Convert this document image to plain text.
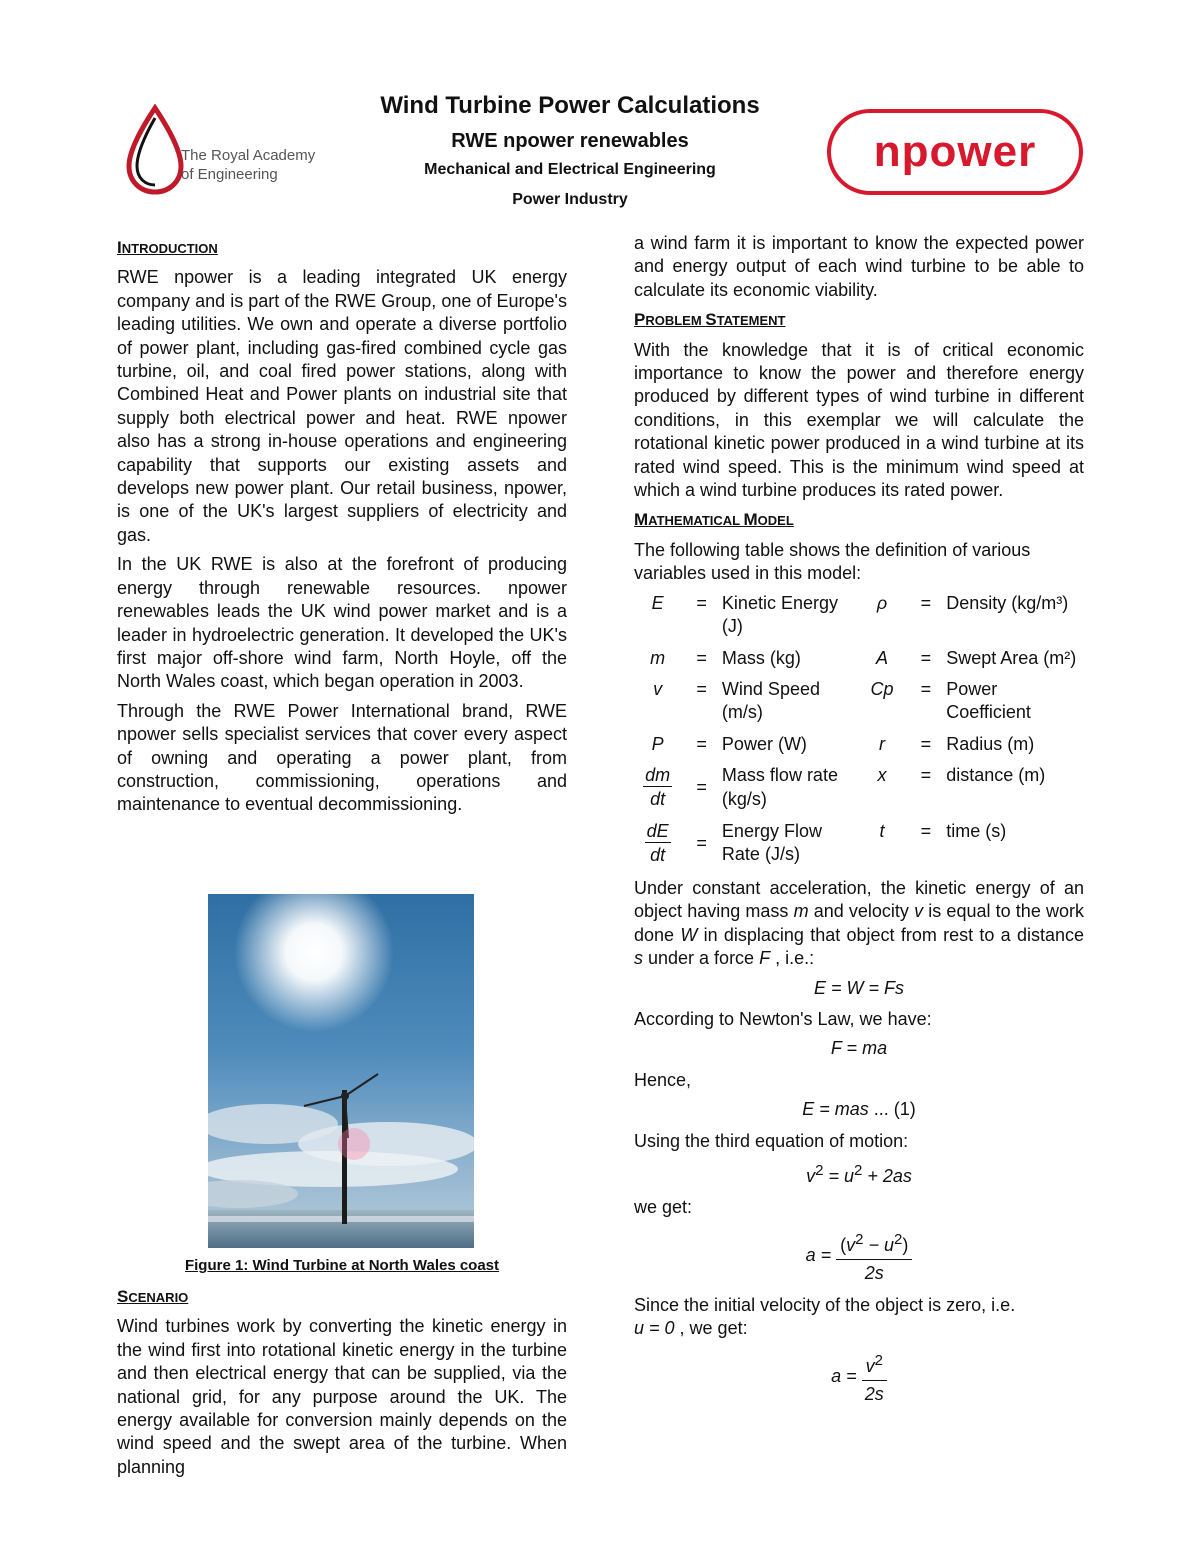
The Royal Academy
of Engineering	npower
Wind Turbine Power Calculations
RWE npower renewables
Mechanical and Electrical Engineering
Power Industry
INTRODUCTION

RWE npower is a leading integrated UK energy company and is part of the RWE Group, one of Europe's leading utilities. We own and operate a diverse portfolio of power plant, including gas-fired combined cycle gas turbine, oil, and coal fired power stations, along with Combined Heat and Power plants on industrial site that supply both electrical power and heat. RWE npower also has a strong in-house operations and engineering capability that supports our existing assets and develops new power plant. Our retail business, npower, is one of the UK's largest suppliers of electricity and gas.

In the UK RWE is also at the forefront of producing energy through renewable resources. npower renewables leads the UK wind power market and is a leader in hydroelectric generation. It developed the UK's first major off-shore wind farm, North Hoyle, off the North Wales coast, which began operation in 2003.

Through the RWE Power International brand, RWE npower sells specialist services that cover every aspect of owning and operating a power plant, from construction, commissioning, operations and maintenance to eventual decommissioning.

Figure 1: Wind Turbine at North Wales coast
SCENARIO

Wind turbines work by converting the kinetic energy in the wind first into rotational kinetic energy in the turbine and then electrical energy that can be supplied, via the national grid, for any purpose around the UK. The energy available for conversion mainly depends on the wind speed and the swept area of the turbine. When planning

a wind farm it is important to know the expected power and energy output of each wind turbine to be able to calculate its economic viability.

PROBLEM STATEMENT

With the knowledge that it is of critical economic importance to know the power and therefore energy produced by different types of wind turbine in different conditions, in this exemplar we will calculate the rotational kinetic power produced in a wind turbine at its rated wind speed. This is the minimum wind speed at which a wind turbine produces its rated power.

MATHEMATICAL MODEL

The following table shows the definition of various variables used in this model:

E	=	Kinetic Energy (J)	ρ	=	Density (kg/m³)
m	=	Mass (kg)	A	=	Swept Area (m²)
v	=	Wind Speed (m/s)	Cp	=	Power Coefficient
P	=	Power (W)	r	=	Radius (m)

$\frac{dm}{dt}$	=	Mass flow rate (kg/s)	x	=	distance (m)

$\frac{dE}{dt}$	=	Energy Flow Rate (J/s)	t	=	time (s)

Under constant acceleration, the kinetic energy of an object having mass m and velocity v is equal to the work done W in displacing that object from rest to a distance s under a force F , i.e.:

E = W = Fs

According to Newton's Law, we have:

F = ma

Hence,

E = mas ... (1)

Using the third equation of motion:

$v^2 = u^2 + 2as$

we get:

$a = \frac{(v^2 - u^2)}{2s}$

Since the initial velocity of the object is zero, i.e.
u = 0 , we get:

$a = \frac{v^2}{2s}$
